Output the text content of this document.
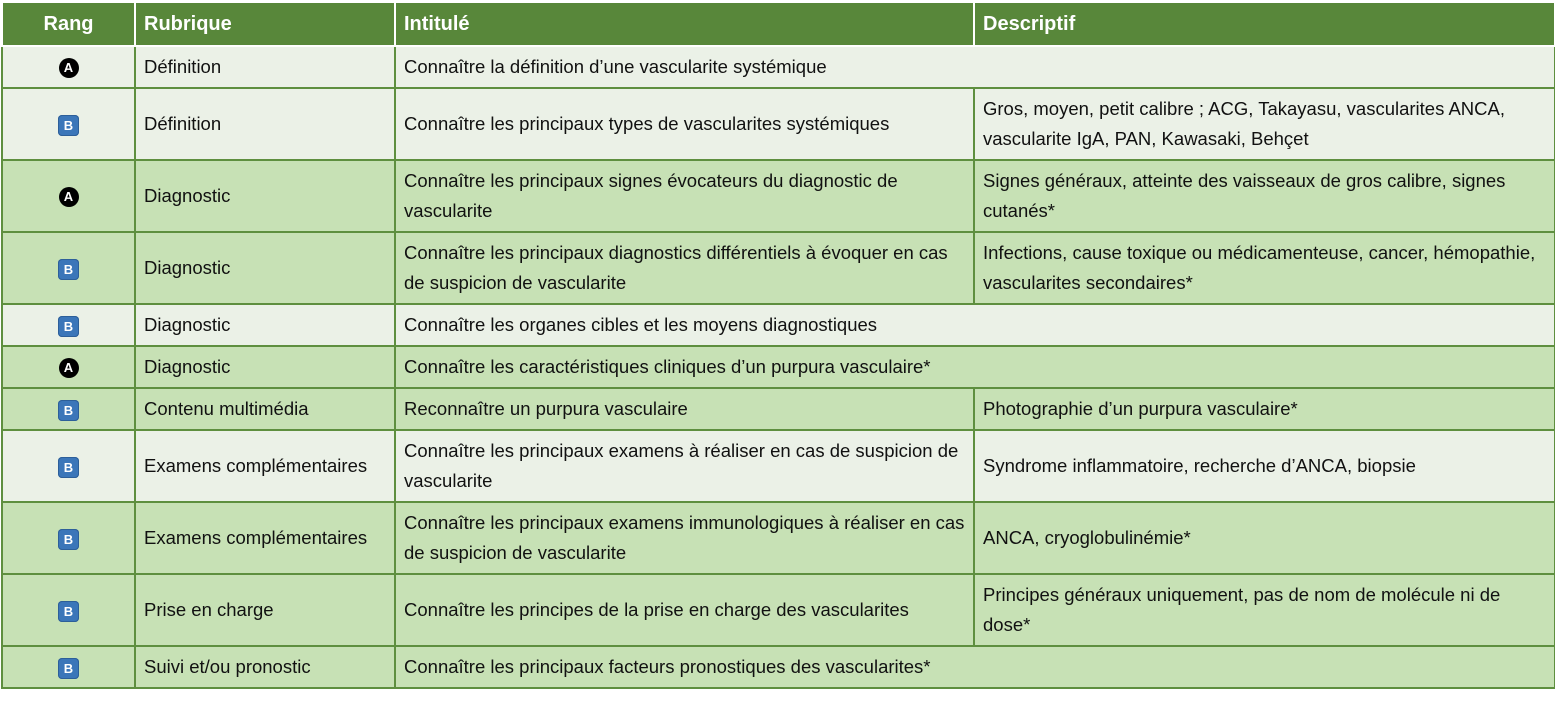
Rang	Rubrique	Intitulé	Descriptif
A	Définition	Connaître la définition d’une vascularite systémique	
B	Définition	Connaître les principaux types de vascularites systémiques	Gros, moyen, petit calibre ; ACG, Takayasu, vascularites ANCA, vascularite IgA, PAN, Kawasaki, Behçet
A	Diagnostic	Connaître les principaux signes évocateurs du diagnostic de vascularite	Signes généraux, atteinte des vaisseaux de gros calibre, signes cutanés*
B	Diagnostic	Connaître les principaux diagnostics différentiels à évoquer en cas de suspicion de vascularite	Infections, cause toxique ou médicamenteuse, cancer, hémopathie, vascularites secondaires*
B	Diagnostic	Connaître les organes cibles et les moyens diagnostiques	
A	Diagnostic	Connaître les caractéristiques cliniques d’un purpura vasculaire*	
B	Contenu multimédia	Reconnaître un purpura vasculaire	Photographie d’un purpura vasculaire*
B	Examens complémentaires	Connaître les principaux examens à réaliser en cas de suspicion de vascularite	Syndrome inflammatoire, recherche d’ANCA, biopsie
B	Examens complémentaires	Connaître les principaux examens immunologiques à réaliser en cas de suspicion de vascularite	ANCA, cryoglobulinémie*
B	Prise en charge	Connaître les principes de la prise en charge des vascularites	Principes généraux uniquement, pas de nom de molécule ni de dose*
B	Suivi et/ou pronostic	Connaître les principaux facteurs pronostiques des vascularites*	
